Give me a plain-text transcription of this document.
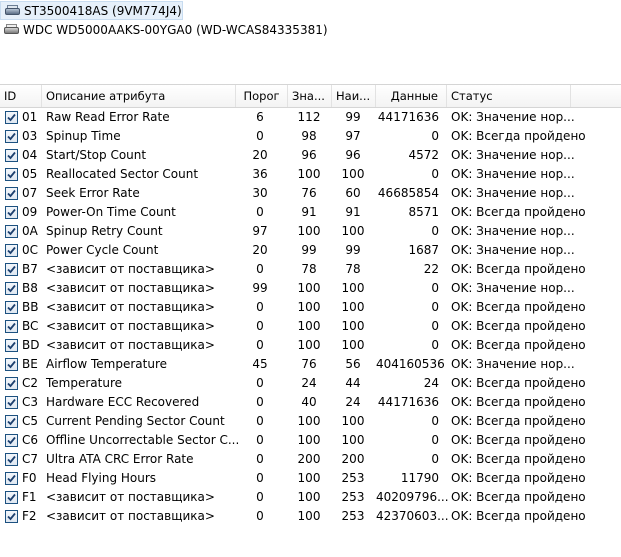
ST3500418AS (9VM774J4)
WDC WD5000AAKS-00YGA0 (WD-WCAS84335381)
ID	Описание атрибута	Порог	Зна... Наи...	Данные	Статус
01 Raw Read Error Rate	6	112	99	44171636 OK: Значение нор...
03 Spinup Time	0	98	97	0 OK: Всегда пройдено
04 Start/Stop Count	20	96	96	4572 OK: Значение нор...
05 Reallocated Sector Count	36	100	100	0 OK: Значение нор...
07 Seek Error Rate	30	76	60	46685854 OK: Значение нор...
09 Power-On Time Count	0	91	91	8571 OK: Всегда пройдено
0A Spinup Retry Count	97	100	100	0 OK: Значение нор...
0C Power Cycle Count	20	99	99	1687 OK: Значение нор...
B7 <зависит от поставщика>	0	78	78	22 OK: Всегда пройдено
B8 <зависит от поставщика>	99	100	100	0 OK: Значение нор...
BB <зависит от поставщика>	0	100	100	0 OK: Всегда пройдено
BC <зависит от поставщика>	0	100	100	0 OK: Всегда пройдено
BD <зависит от поставщика>	0	100	100	0 OK: Всегда пройдено
BE Airflow Temperature	45	76	56	404160536 OK: Значение нор...
C2 Temperature	0	24	44	24 OK: Всегда пройдено
C3 Hardware ECC Recovered	0	40	24	44171636 OK: Всегда пройдено
C5 Current Pending Sector Count	0	100	100	0 OK: Всегда пройдено
C6 Offline Uncorrectable Sector C...	0	100	100	0 OK: Всегда пройдено
C7 Ultra ATA CRC Error Rate	0	200	200	0 OK: Всегда пройдено
F0 Head Flying Hours	0	100	253	11790 OK: Всегда пройдено
F1 <зависит от поставщика>	0	100	253 40209796... OK: Всегда пройдено
F2 <зависит от поставщика>	0	100	253 42370603... OK: Всегда пройдено
